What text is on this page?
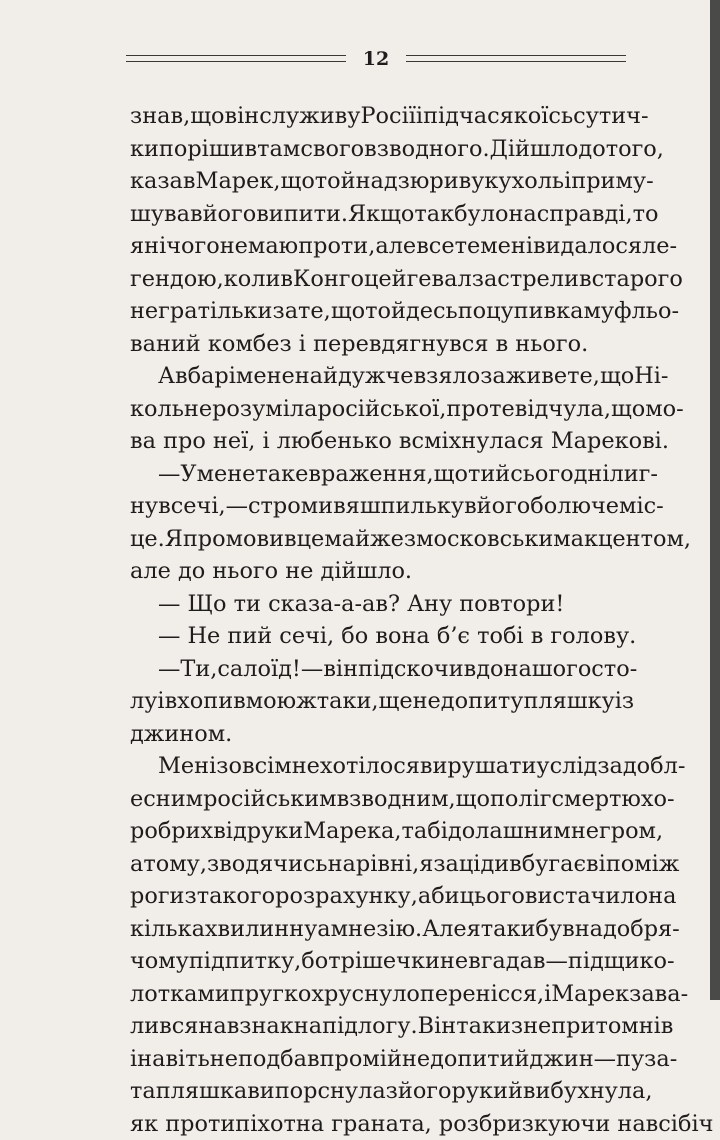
12
знав, що він служив у Росії і під час якоїсь сутич-
ки порішив там свого взводного. Дійшло до того,
казав Марек, що той надзюрив у кухоль і приму-
шував його випити. Якщо так було насправді, то
я нічого не маю проти, але все те мені видалося ле-
гендою, коли в Конго цей гевал застрелив старого
негра тільки за те, що той десь поцупив камуфльо-
ваний комбез і перевдягнувся в нього.
А в барі мене найдужче взяло за живе те, що Ні-
коль не розуміла російської, проте відчула, що мо-
ва про неї, і любенько всміхнулася Марекові.
— У мене таке враження, що ти й сьогодні лиг-
нув сечі, — стромив я шпильку в його болюче міс-
це. Я промовив це майже з московським акцентом,
але до нього не дійшло.
— Що ти сказа-а-ав? Ану повтори!
— Не пий сечі, бо вона б’є тобі в голову.
— Ти, салоїд! — він підскочив до нашого сто-
лу і вхопив мою ж таки, ще не допиту пляшку із
джином.
Мені зовсім не хотілося вирушати услід за добл-
есним російським взводним, що поліг смертю хо-
робрих від руки Марека, та бідолашним негром,
а тому, зводячись на рівні, я зацідив бугаєві поміж
роги з такого розрахунку, аби цього вистачило на
кількахвилинну амнезію. Але я таки був на добря-
чому підпитку, бо трішечки не вгадав — під щико-
лотками пругко хруснуло перенісся, і Марек зава-
лився навзнак на підлогу. Він таки знепритомнів
і навіть не подбав про мій недопитий джин — пуза-
та пляшка випорснула з його руки й вибухнула,
як протипіхотна граната, розбризкуючи навсібіч
